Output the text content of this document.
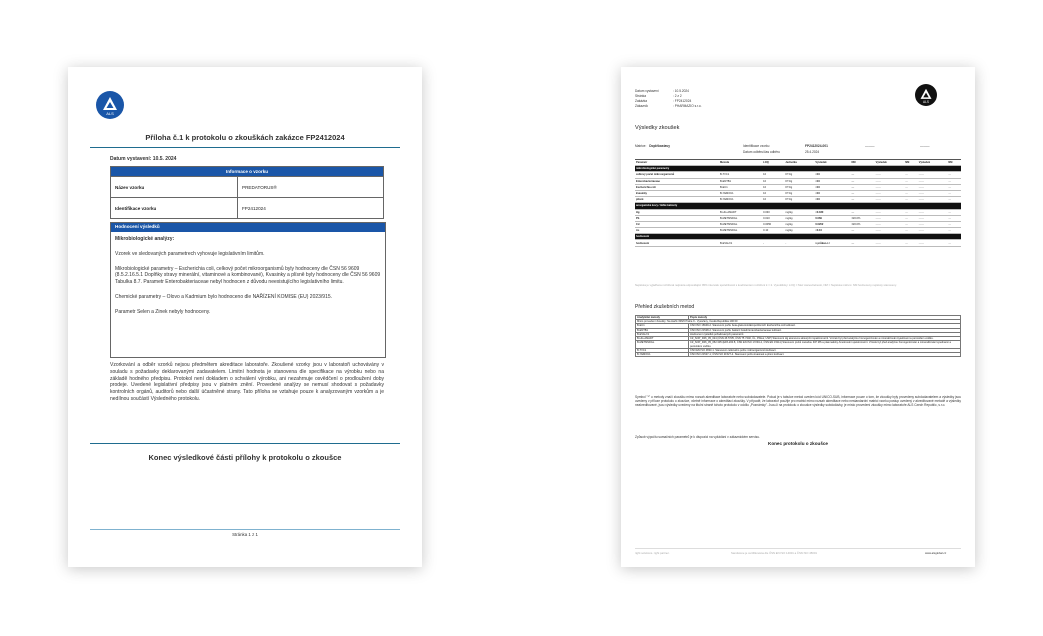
ALS
Příloha č.1 k protokolu o zkouškách zakázce FP2412024
Datum vystavení: 10.5. 2024
Informace o vzorku	
Název vzorku	PREDATORUS®
Identifikace vzorku	FP2412024
Hodnocení výsledků
Mikrobiologické analýzy:
Vzorek ve sledovaných parametrech vyhovuje legislativním limitům.
Mikrobiologické parametry – Escherichia coli, celkový počet mikroorganismů byly hodnoceny dle ČSN 56 9609 (8.5.2.16.5.1 Doplňky stravy minerální, vitaminové a kombinované), Kvasinky a plísně byly hodnoceny dle ČSN 56 9609 Tabulka 8.7. Parametr Enterobakteriaceae nebyl hodnocen z důvodu neexistujícího legislativního limitu.
Chemické parametry – Olovo a Kadmium bylo hodnoceno dle NAŘÍZENÍ KOMISE (EU) 2023/915.
Parametr Selen a Zinek nebyly hodnoceny.
Vzorkování a odběr vzorků nejsou předmětem akreditace laboratoře. Zkoušené vzorky jsou v laboratoři uchovávány v souladu s požadavky deklarovanými zadavatelem. Limitní hodnota je stanovena dle specifikace na výrobku nebo na základě hodného předpisu. Protokol není dokladem o schválení výrobku, ani nezahrnuje osvědčení o prodloužení doby prodeje. Uvedené legislativní předpisy jsou v platném znění. Provedené analýzy se nemusí shodovat s požadavky kontrolních orgánů, auditorů nebo další účastněné strany. Tato příloha se vztahuje pouze k analyzovaným vzorkům a je nedílnou součástí Výsledného protokolu.
Konec výsledkové části přílohy k protokolu o zkoušce
Stránka 1 z 1
Datum vystavení	: 10.5.2024
Stránka	: 2 z 2
Zakázka	: FP2412024
Zákazník	: PHARMAZIO s.r.o.
ALS
Výsledky zkoušek
Matrice: Doplňkastavy	Identifikace vzorku	FP2412024-001
Datum odběru/čas odběru	25.4.2024
———	———
Parametr	Metoda	LOQ	Jednotka	Výsledek	NM	Výsledek	NM	Výsledek	NM
mikrobiologické parametry									
celkový počet mikroorganismů	B-TVC1	10	KTJ/g	<10	—	——	—	——	—
Enterobacteriaceae	B-ENTB1	10	KTJ/g	<10	—	——	—	——	—
Escherichia coli	B-EC1	10	KTJ/g	<10	—	——	—	——	—
kvasinky	B-YEMOU1	10	KTJ/g	<10	—	——	—	——	—
plísně	B-YEMOU1	10	KTJ/g	<10	—	——	—	——	—
anorganické kovy / těžké kationty									
Hg	B-HG-AMADT	0.030	mg/kg	<0.030	—	——	—	——	—
Pb	B-METMSDGL	0.010	mg/kg	0.069	±20.0%	——	—	——	—
Cd	B-METMSDGL	0.0050	mg/kg	0.0202	±20.0%	——	—	——	—
As	B-METMSDGL	0.10	mg/kg	<0.10	—	——	—	——	—
hodnocení									
hodnocení	B-EVALX1	-	-	v průkaz.c.l	—	——	—	——	—
Nejistota je vyjádřena rozšířená nejistota odpovídající 95% intervalu spolehlivosti s koeficientem rozšíření k = 2. Vysvětlivky: LOQ = Mez stanovitelnosti, NM = Nejistota měření. NM hodnoceny nejistoty stanoveny.
Přehled zkušebních metod
Analytické metody	Popis metody
Místo provedení zkoušky: Na Harfě 336/9 Praha 9 - Vysočany, Česká Republika 190 00	
B-EC1	ČSN ISO 16649-2. Stanovení počtu beta-glukuronidázopozitivních Escherichia coli kultivací.
B-ENTB1	ČSN ISO 21528-2. Stanovení počtu bakterií čeledi Enterobacteriaceae kultivací.
B-EVALX1	Hodnocení výsledků požadovaných parametrů
B-HG-AMADT	CZ_SOP_D06_05_024 (ČSN 46 5735, ČSN 75 7440, ČL, PhEur, USP) Stanovení Hg atomovou absorpční spektrometrií. Vzorek byl před analýzou homogenizován a mineralizován kyselinami a peroxidem vodíku.
B-METMSDGL	CZ_SOP_D06_05_052.335 (EPA 200.8, ČSN EN ISO 17294-2, ČSN EN 15111) Stanovení prvků metodou ICP MS a plasmaticky-hmotnostní spektrometrií. Vzorek byl před analýzou homogenizován a mineralizován kyselinami a peroxidem vodíku.
B-TVC1	ČSN EN ISO 4833-1. Stanovení celkového počtu mikroorganismů kultivací.
B-YEMOU1	ČSN ISO 21527-1; ČSN ISO 21527-2. Stanovení počtu kvasinek a plísní kultivací.
Symbol "*" u metody značí zkoušku mimo rozsah akreditace laboratoře nebo subdodavatele. Pokud je v tabulce metod uveden kód UNICO-SUB, informace pouze o tom, že zkoušky byly provedeny subdodavatelem a výsledky jsou uvedeny v příloze protokolu o zkoušce, včetně informace o akreditaci zkoušky. V případě, že laboratoř použije pro matrici mimo rozsah akreditace nebo nestandardní matrici vzorku postup uvedený v akreditované metodě a výsledky neakreditované, jsou výsledky uvedeny na titulní straně tohoto protokolu v oddílu „Poznámky". Jsou-li na protokolu o zkoušce výsledky subdodávky, je místo provedení zkoušky mimo laboratoře ALS Czech Republic, s.r.o.
Způsob výpočtu sumačních parametrů je k dispozici na vyžádání v zákaznickém servisu.
Konec protokolu o zkoušce
right solutions. right partner.	Sandstone je certifikována dle ČSN EN ISO 14001 a ČSN ISO 45001	www.alsglobal.cz
